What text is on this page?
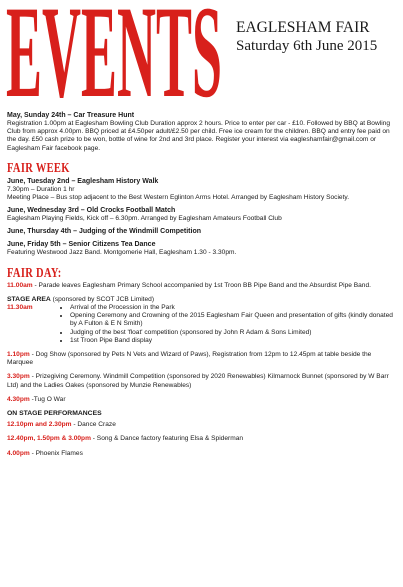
EVENTS EAGLESHAM FAIR
Saturday 6th June 2015
May, Sunday 24th – Car Treasure Hunt
Registration 1.00pm at Eaglesham Bowling Club Duration approx 2 hours. Price to enter per car - £10. Followed by BBQ at Bowling Club from approx 4.00pm. BBQ priced at £4.50per adult/£2.50 per child. Free ice cream for the children. BBQ and entry fee paid on the day. £50 cash prize to be won, bottle of wine for 2nd and 3rd place. Register your interest via eagleshamfair@gmail.com or Eaglesham Fair facebook page.
FAIR WEEK
June, Tuesday 2nd – Eaglesham History Walk
7.30pm – Duration 1 hr
Meeting Place – Bus stop adjacent to the Best Western Eglinton Arms Hotel. Arranged by Eaglesham History Society.
June, Wednesday 3rd – Old Crocks Football Match
Eaglesham Playing Fields, Kick off – 6.30pm. Arranged by Eaglesham Amateurs Football Club
June, Thursday 4th – Judging of the Windmill Competition
June, Friday 5th – Senior Citizens Tea Dance
Featuring Westwood Jazz Band. Montgomerie Hall, Eaglesham 1.30 - 3.30pm.
FAIR DAY:
11.00am - Parade leaves Eaglesham Primary School accompanied by 1st Troon BB Pipe Band and the Absurdist Pipe Band.
STAGE AREA (sponsored by SCOT JCB Limited)
11.30am
•	Arrival of the Procession in the Park
• Opening Ceremony and Crowning of the 2015 Eaglesham Fair Queen and presentation of gifts (kindly donated by A Fulton & E N Smith)
• Judging of the best 'float' competition (sponsored by John R Adam & Sons Limited)
• 1st Troon Pipe Band display
1.10pm - Dog Show (sponsored by Pets N Vets and Wizard of Paws), Registration from 12pm to 12.45pm at table beside the Marquee
3.30pm - Prizegiving Ceremony. Windmill Competition (sponsored by 2020 Renewables) Kilmarnock Bunnet (sponsored by W Barr Ltd) and the Ladies Oakes (sponsored by Munzie Renewables)
4.30pm -Tug O War
ON STAGE PERFORMANCES
12.10pm and 2.30pm - Dance Craze
12.40pm, 1.50pm & 3.00pm - Song & Dance factory featuring Elsa & Spiderman
4.00pm - Phoenix Flames
